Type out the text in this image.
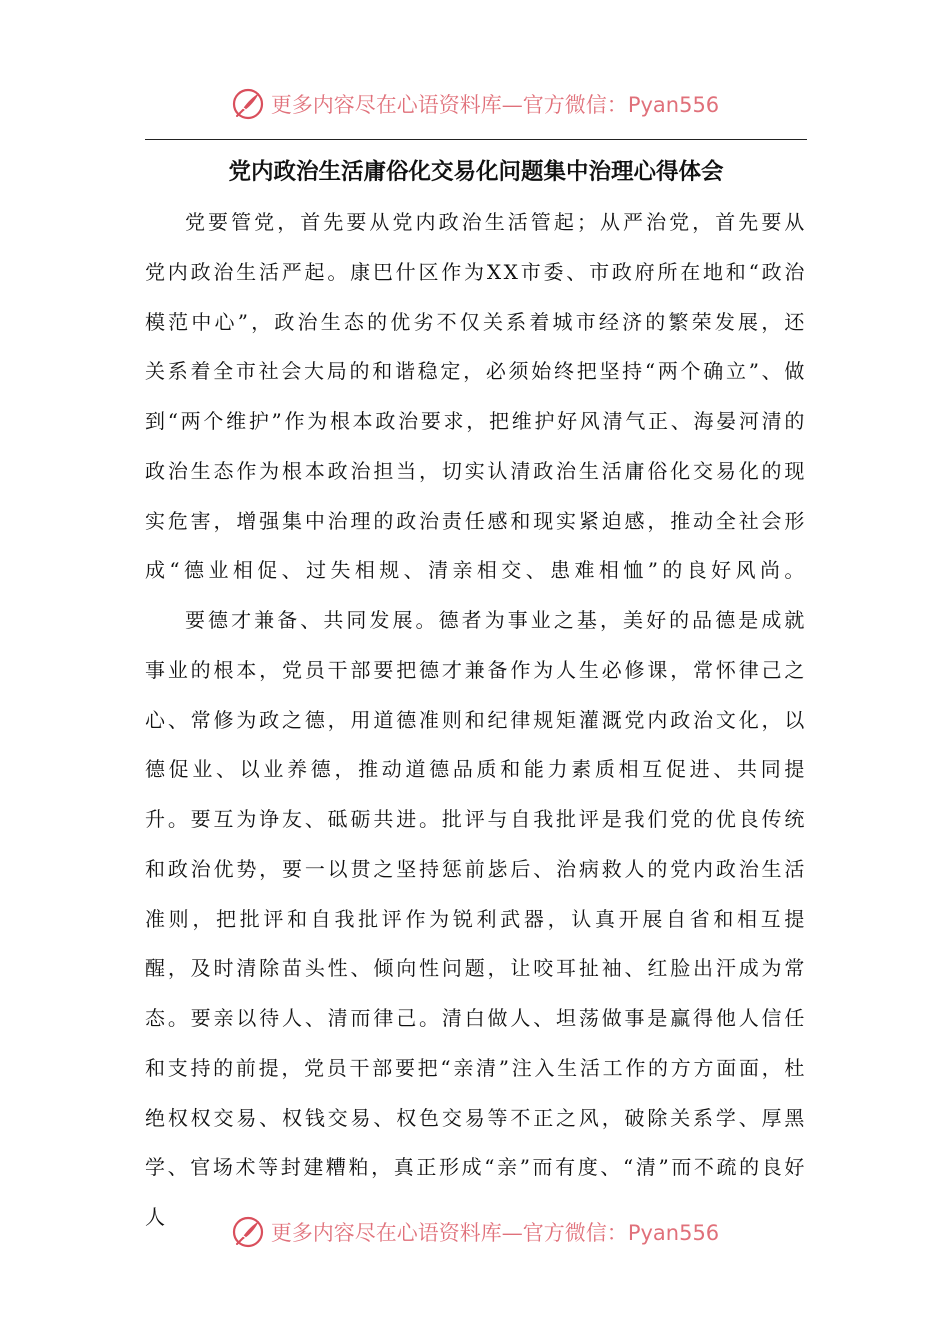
更多内容尽在心语资料库—官方微信：Pyan556
党内政治生活庸俗化交易化问题集中治理心得体会

党要管党，首先要从党内政治生活管起；从严治党，首先要从党内政治生活严起。康巴什区作为XX市委、市政府所在地和“政治模范中心”，政治生态的优劣不仅关系着城市经济的繁荣发展，还关系着全市社会大局的和谐稳定，必须始终把坚持“两个确立”、做到“两个维护”作为根本政治要求，把维护好风清气正、海晏河清的政治生态作为根本政治担当，切实认清政治生活庸俗化交易化的现实危害，增强集中治理的政治责任感和现实紧迫感，推动全社会形成“德业相促、过失相规、清亲相交、患难相恤”的良好风尚。

要德才兼备、共同发展。德者为事业之基，美好的品德是成就事业的根本，党员干部要把德才兼备作为人生必修课，常怀律己之心、常修为政之德，用道德准则和纪律规矩灌溉党内政治文化，以德促业、以业养德，推动道德品质和能力素质相互促进、共同提升。要互为诤友、砥砺共进。批评与自我批评是我们党的优良传统和政治优势，要一以贯之坚持惩前毖后、治病救人的党内政治生活准则，把批评和自我批评作为锐利武器，认真开展自省和相互提醒，及时清除苗头性、倾向性问题，让咬耳扯袖、红脸出汗成为常态。要亲以待人、清而律己。清白做人、坦荡做事是赢得他人信任和支持的前提，党员干部要把“亲清”注入生活工作的方方面面，杜绝权权交易、权钱交易、权色交易等不正之风，破除关系学、厚黑学、官场术等封建糟粕，真正形成“亲”而有度、“清”而不疏的良好人

更多内容尽在心语资料库—官方微信：Pyan556
